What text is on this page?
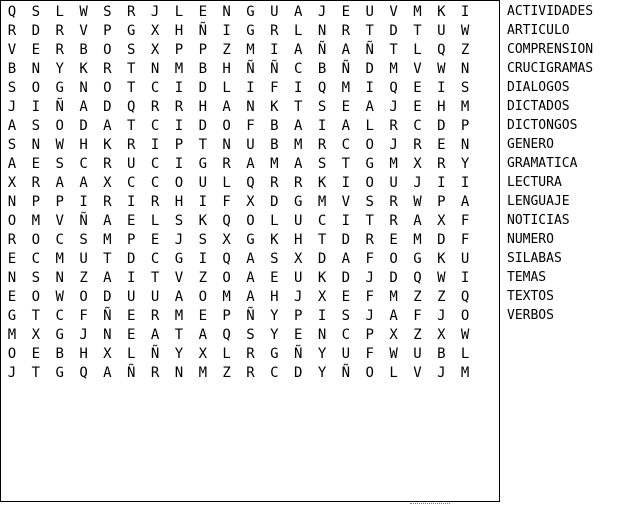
Q	S	L	W	S	R	J	L	E	N	G	U	A	J	E	U	V	M	K	I
R	D	R	V	P	G	X	H	Ñ	I	G	R	L	N	R	T	D	T	U	W
V	E	R	B	O	S	X	P	P	Z	M	I	A	Ñ	A	Ñ	T	L	Q	Z
B	N	Y	K	R	T	N	M	B	H	Ñ	Ñ	C	B	Ñ	D	M	V	W	N
S	O	G	N	O	T	C	I	D	L	I	F	I	Q	M	I	Q	E	I	S
J	I	Ñ	A	D	Q	R	R	H	A	N	K	T	S	E	A	J	E	H	M
A	S	O	D	A	T	C	I	D	O	F	B	A	I	A	L	R	C	D	P
S	N	W	H	K	R	I	P	T	N	U	B	M	R	C	O	J	R	E	N
A	E	S	C	R	U	C	I	G	R	A	M	A	S	T	G	M	X	R	Y
X	R	A	A	X	C	C	O	U	L	Q	R	R	K	I	O	U	J	I	I
N	P	P	I	R	I	R	H	I	F	X	D	G	M	V	S	R	W	P	A
O	M	V	Ñ	A	E	L	S	K	Q	O	L	U	C	I	T	R	A	X	F
R	O	C	S	M	P	E	J	S	X	G	K	H	T	D	R	E	M	D	F
E	C	M	U	T	D	C	G	I	Q	A	S	X	D	A	F	O	G	K	U
N	S	N	Z	A	I	T	V	Z	O	A	E	U	K	D	J	D	Q	W	I
E	O	W	O	D	U	U	A	O	M	A	H	J	X	E	F	M	Z	Z	Q
G	T	C	F	Ñ	E	R	M	E	P	Ñ	Y	P	I	S	J	A	F	J	O
M	X	G	J	N	E	A	T	A	Q	S	Y	E	N	C	P	X	Z	X	W
O	E	B	H	X	L	Ñ	Y	X	L	R	G	Ñ	Y	U	F	W	U	B	L
J	T	G	Q	A	Ñ	R	N	M	Z	R	C	D	Y	Ñ	O	L	V	J	M
ACTIVIDADES
ARTICULO
COMPRENSION
CRUCIGRAMAS
DIALOGOS
DICTADOS
DICTONGOS
GENERO
GRAMATICA
LECTURA
LENGUAJE
NOTICIAS
NUMERO
SILABAS
TEMAS
TEXTOS
VERBOS
